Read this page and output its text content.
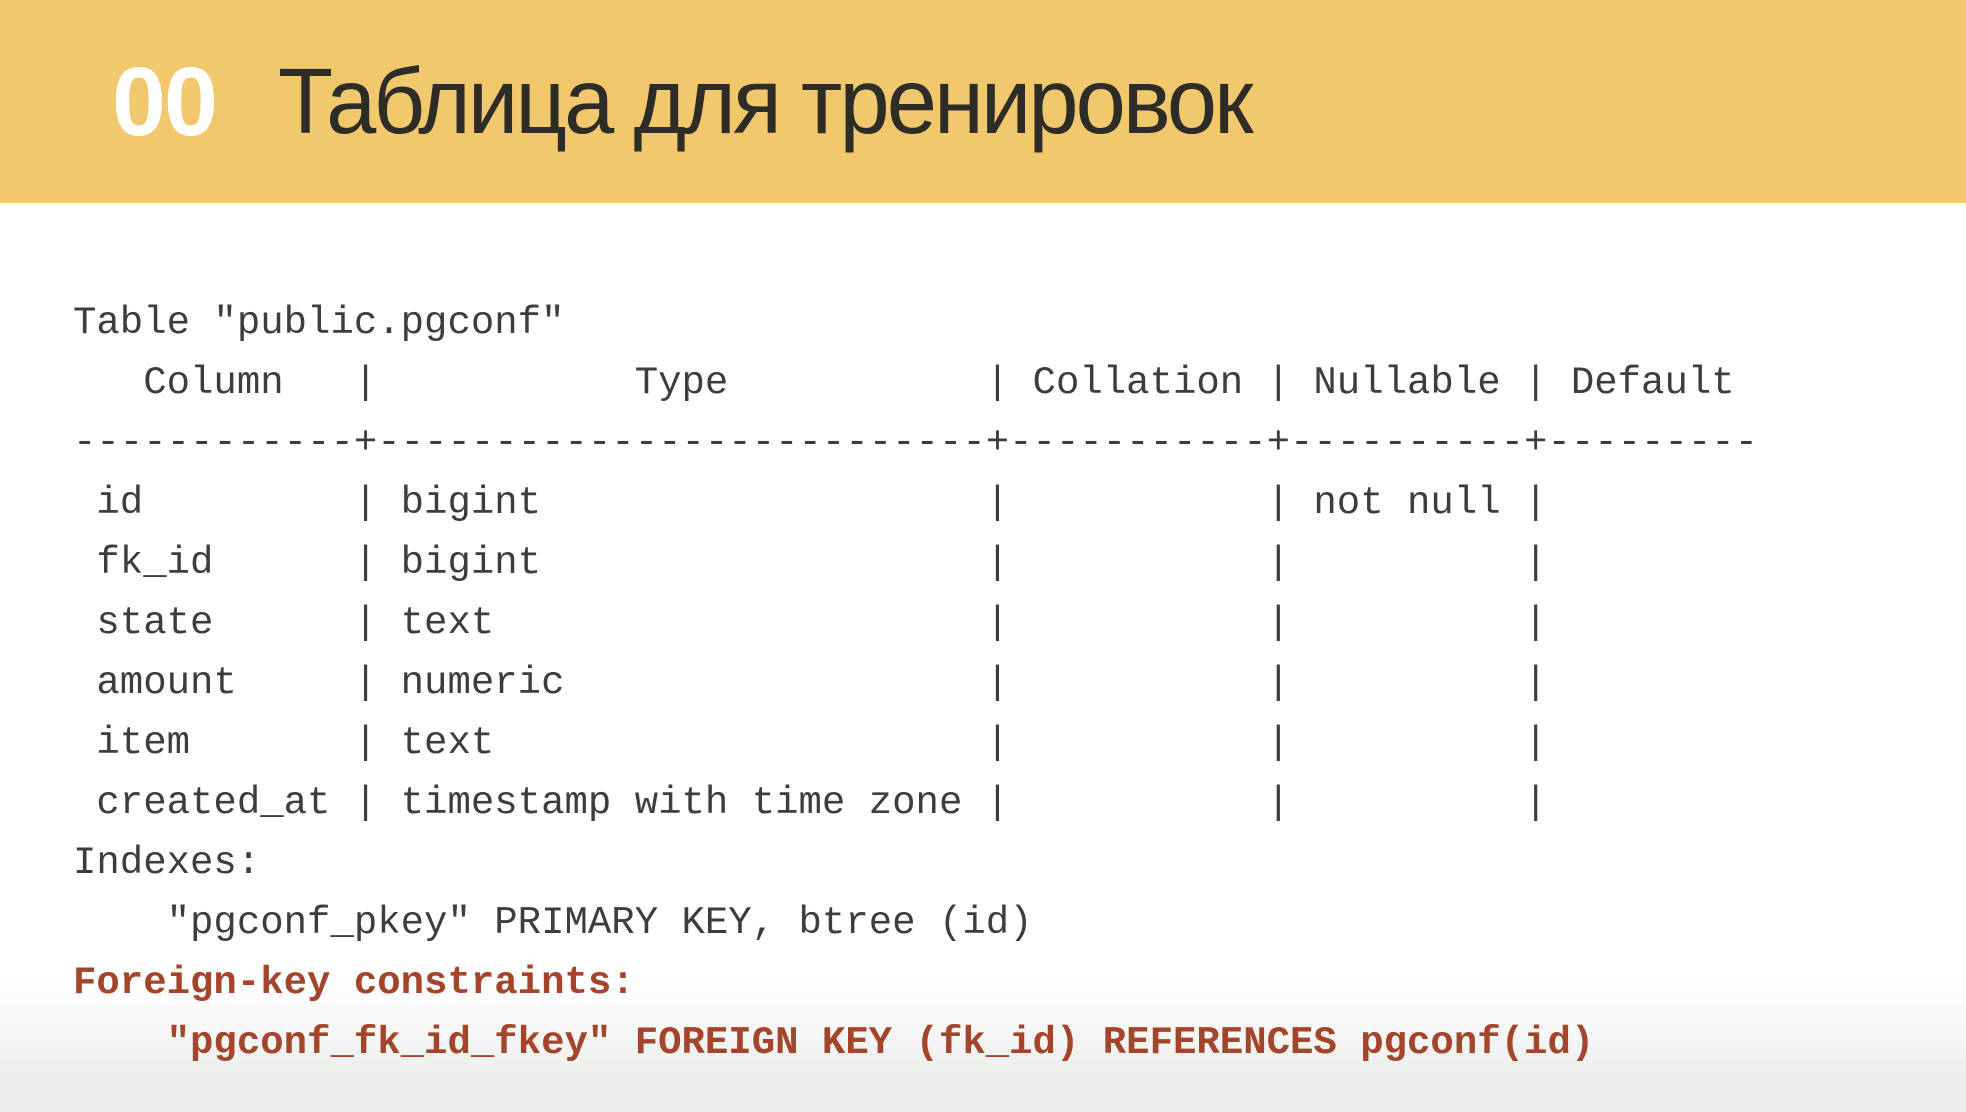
00 Таблица для тренировок
Table "public.pgconf"
Column   |           Type           | Collation | Nullable | Default
------------+--------------------------+-----------+----------+---------
id         | bigint                   |           | not null |
fk_id      | bigint                   |           |          |
state      | text                     |           |          |
amount     | numeric                  |           |          |
item       | text                     |           |          |
created_at | timestamp with time zone |           |          |
Indexes:
"pgconf_pkey" PRIMARY KEY, btree (id)
Foreign-key constraints:
"pgconf_fk_id_fkey" FOREIGN KEY (fk_id) REFERENCES pgconf(id)
